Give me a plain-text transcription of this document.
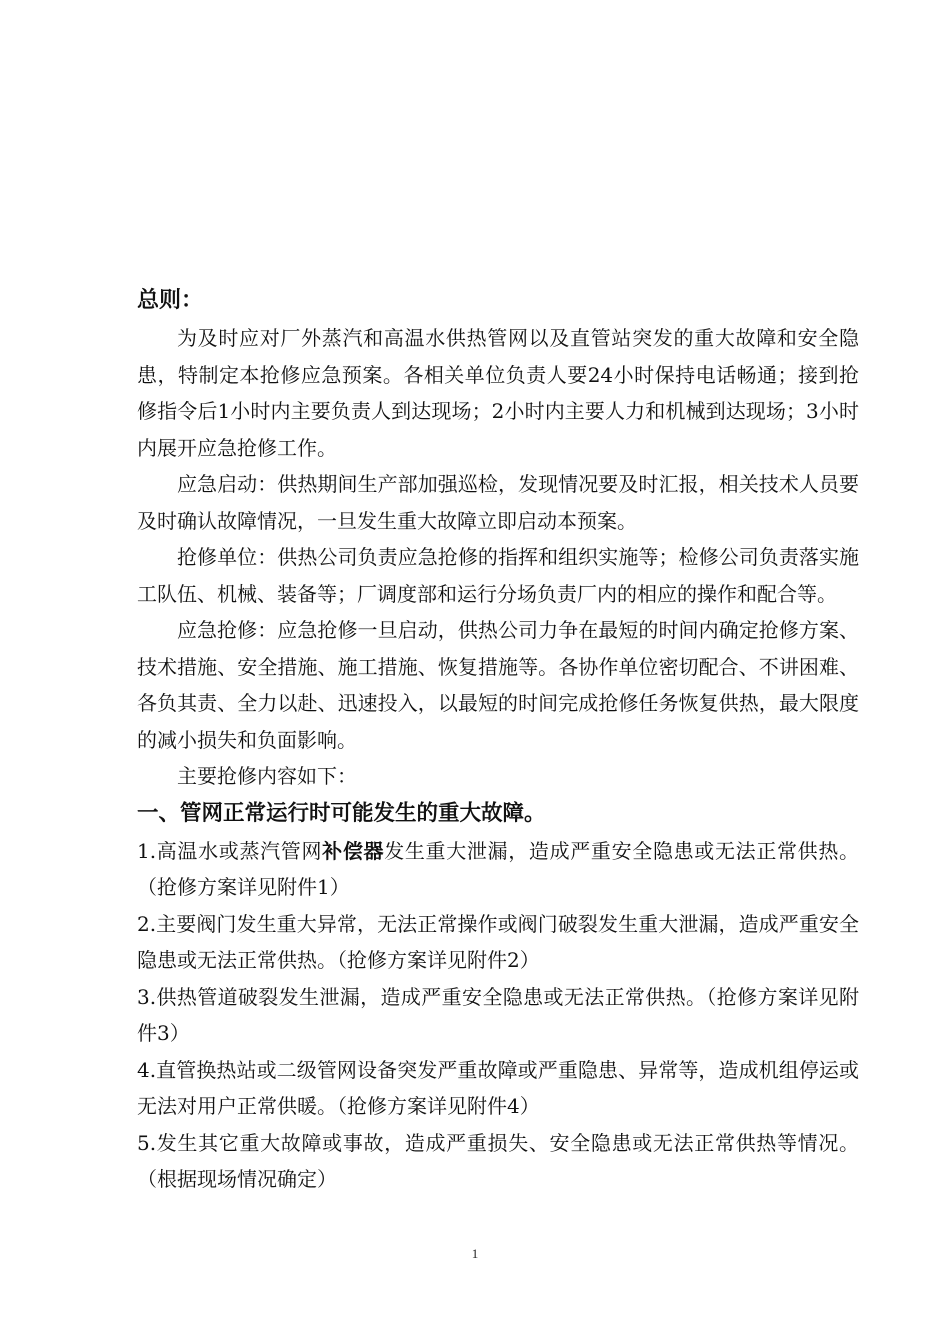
总则：

为及时应对厂外蒸汽和高温水供热管网以及直管站突发的重大故障和安全隐患，特制定本抢修应急预案。各相关单位负责人要24小时保持电话畅通；接到抢修指令后1小时内主要负责人到达现场；2小时内主要人力和机械到达现场；3小时内展开应急抢修工作。

应急启动：供热期间生产部加强巡检，发现情况要及时汇报，相关技术人员要及时确认故障情况，一旦发生重大故障立即启动本预案。

抢修单位：供热公司负责应急抢修的指挥和组织实施等；检修公司负责落实施工队伍、机械、装备等；厂调度部和运行分场负责厂内的相应的操作和配合等。

应急抢修：应急抢修一旦启动，供热公司力争在最短的时间内确定抢修方案、技术措施、安全措施、施工措施、恢复措施等。各协作单位密切配合、不讲困难、各负其责、全力以赴、迅速投入，以最短的时间完成抢修任务恢复供热，最大限度的减小损失和负面影响。

主要抢修内容如下：

一、管网正常运行时可能发生的重大故障。

1.高温水或蒸汽管网补偿器发生重大泄漏，造成严重安全隐患或无法正常供热。（抢修方案详见附件1）

2.主要阀门发生重大异常，无法正常操作或阀门破裂发生重大泄漏，造成严重安全隐患或无法正常供热。（抢修方案详见附件2）

3.供热管道破裂发生泄漏，造成严重安全隐患或无法正常供热。（抢修方案详见附件3）

4.直管换热站或二级管网设备突发严重故障或严重隐患、异常等，造成机组停运或无法对用户正常供暖。（抢修方案详见附件4）

5.发生其它重大故障或事故，造成严重损失、安全隐患或无法正常供热等情况。（根据现场情况确定）

1
